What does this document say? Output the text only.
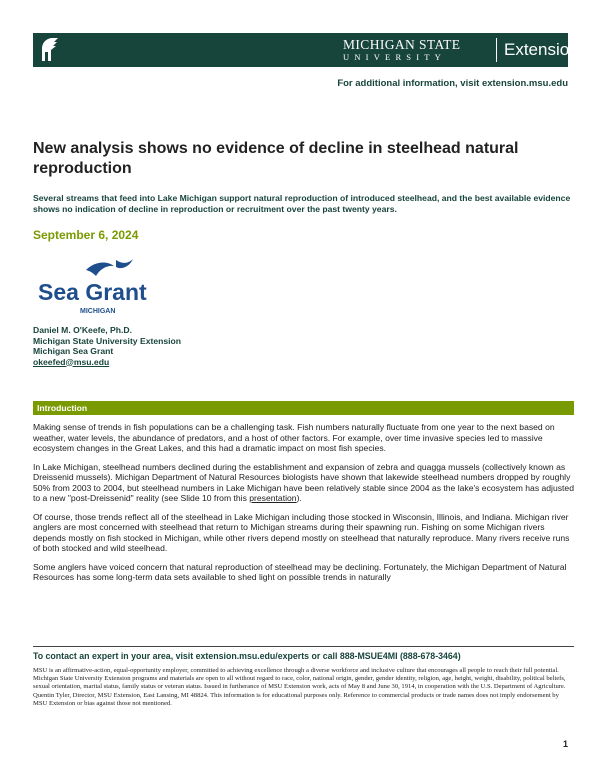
MICHIGAN STATE
UNIVERSITY	Extension
For additional information, visit extension.msu.edu
New analysis shows no evidence of decline in steelhead natural reproduction
Several streams that feed into Lake Michigan support natural reproduction of introduced steelhead, and the best available evidence shows no indication of decline in reproduction or recruitment over the past twenty years.
September 6, 2024
Sea Grant
MICHIGAN
Daniel M. O'Keefe, Ph.D.
Michigan State University Extension
Michigan Sea Grant
okeefed@msu.edu
Introduction

Making sense of trends in fish populations can be a challenging task. Fish numbers naturally fluctuate from one year to the next based on weather, water levels, the abundance of predators, and a host of other factors. For example, over time invasive species led to massive ecosystem changes in the Great Lakes, and this had a dramatic impact on most fish species.

In Lake Michigan, steelhead numbers declined during the establishment and expansion of zebra and quagga mussels (collectively known as Dreissenid mussels). Michigan Department of Natural Resources biologists have shown that lakewide steelhead numbers dropped by roughly 50% from 2003 to 2004, but steelhead numbers in Lake Michigan have been relatively stable since 2004 as the lake's ecosystem has adjusted to a new "post-Dreissenid" reality (see Slide 10 from this presentation).

Of course, those trends reflect all of the steelhead in Lake Michigan including those stocked in Wisconsin, Illinois, and Indiana. Michigan river anglers are most concerned with steelhead that return to Michigan streams during their spawning run. Fishing on some Michigan rivers depends mostly on fish stocked in Michigan, while other rivers depend mostly on steelhead that naturally reproduce. Many rivers receive runs of both stocked and wild steelhead.

Some anglers have voiced concern that natural reproduction of steelhead may be declining. Fortunately, the Michigan Department of Natural Resources has some long-term data sets available to shed light on possible trends in naturally

To contact an expert in your area, visit extension.msu.edu/experts or call 888-MSUE4MI (888-678-3464)
MSU is an affirmative-action, equal-opportunity employer, committed to achieving excellence through a diverse workforce and inclusive culture that encourages all people to reach their full potential. Michigan State University Extension programs and materials are open to all without regard to race, color, national origin, gender, gender identity, religion, age, height, weight, disability, political beliefs, sexual orientation, marital status, family status or veteran status. Issued in furtherance of MSU Extension work, acts of May 8 and June 30, 1914, in cooperation with the U.S. Department of Agriculture. Quentin Tyler, Director, MSU Extension, East Lansing, MI 48824. This information is for educational purposes only. Reference to commercial products or trade names does not imply endorsement by MSU Extension or bias against those not mentioned.
1
